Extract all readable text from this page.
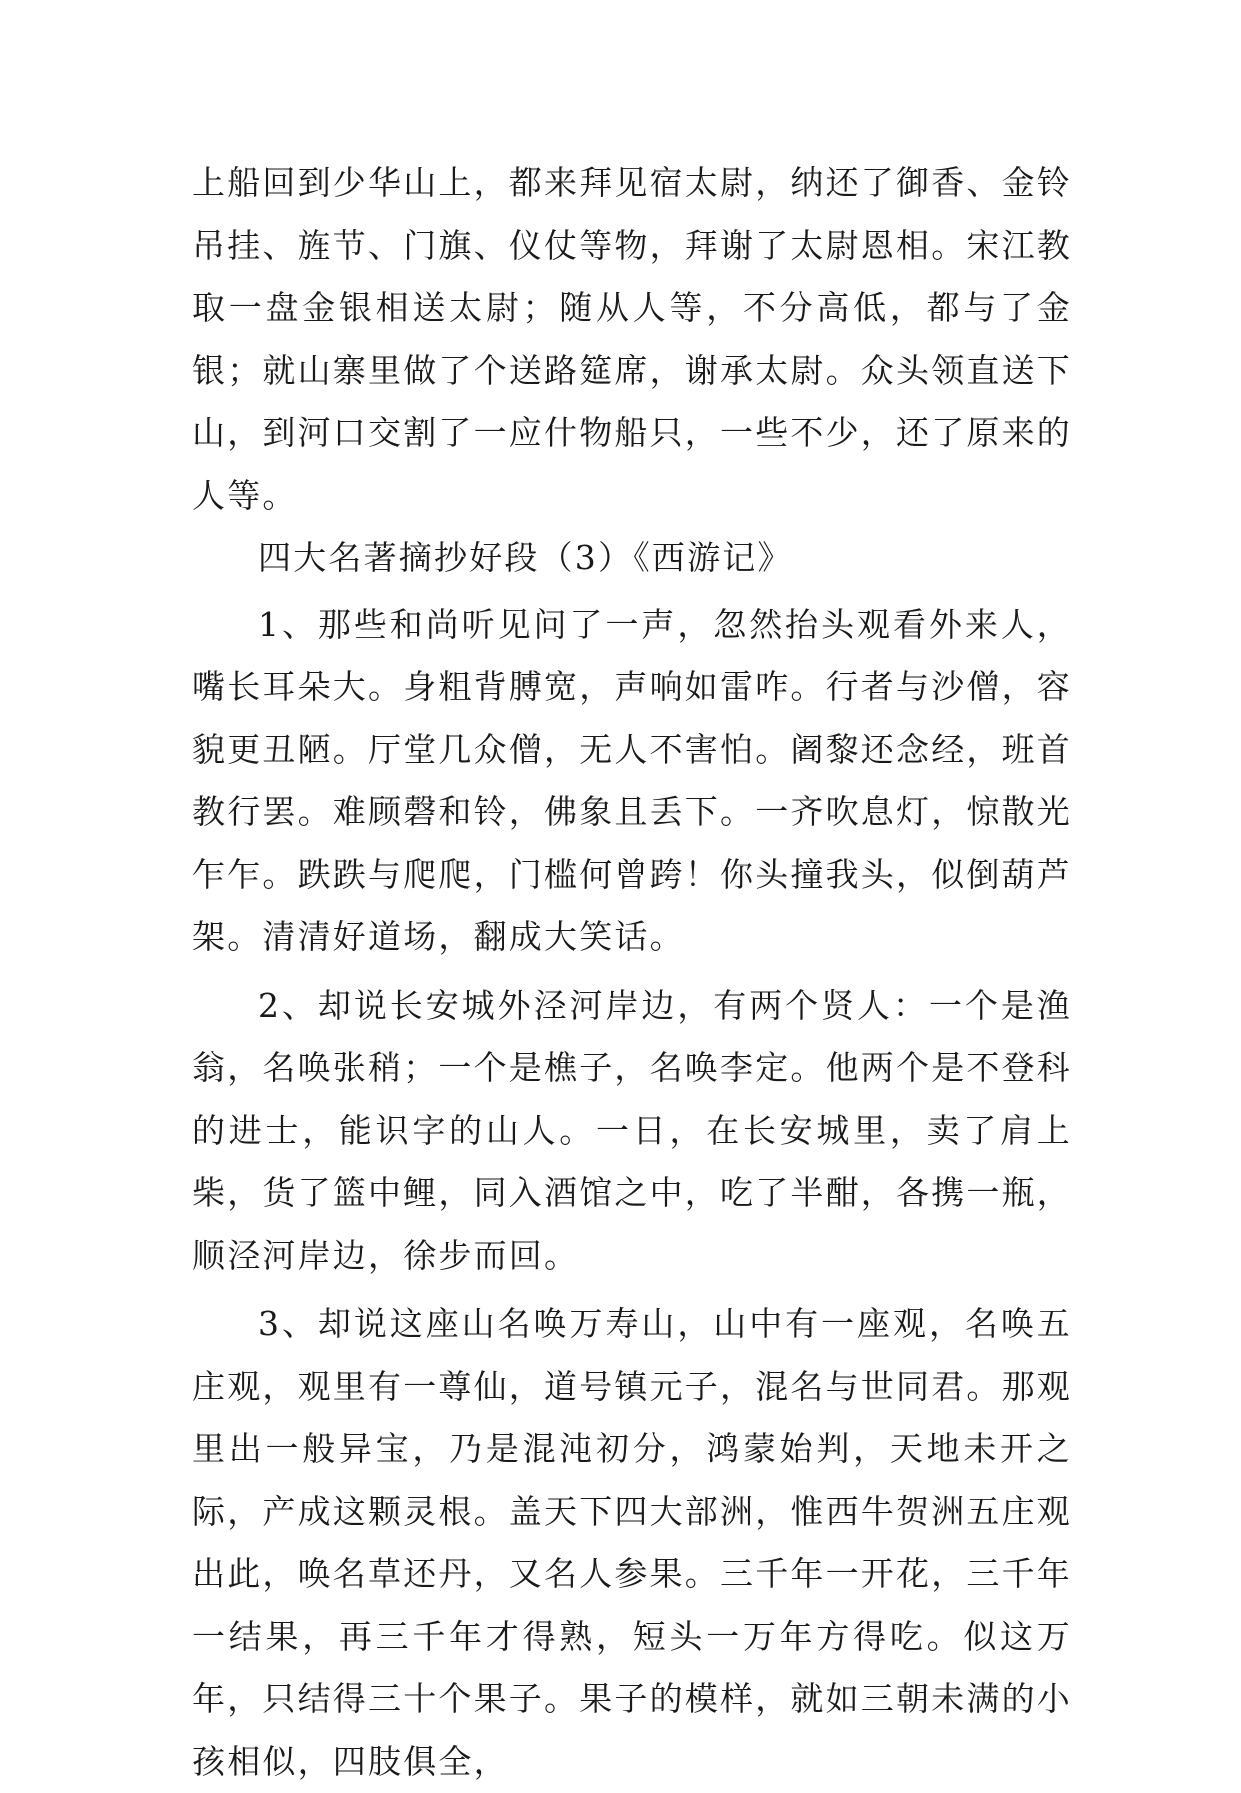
上船回到少华山上，都来拜见宿太尉，纳还了御香、金铃吊挂、旌节、门旗、仪仗等物，拜谢了太尉恩相。宋江教取一盘金银相送太尉；随从人等，不分高低，都与了金银；就山寨里做了个送路筵席，谢承太尉。众头领直送下山，到河口交割了一应什物船只，一些不少，还了原来的人等。

四大名著摘抄好段（3）《西游记》

1、那些和尚听见问了一声，忽然抬头观看外来人，嘴长耳朵大。身粗背膊宽，声响如雷咋。行者与沙僧，容貌更丑陋。厅堂几众僧，无人不害怕。阇黎还念经，班首教行罢。难顾磬和铃，佛象且丢下。一齐吹息灯，惊散光乍乍。跌跌与爬爬，门槛何曾跨！你头撞我头，似倒葫芦架。清清好道场，翻成大笑话。

2、却说长安城外泾河岸边，有两个贤人：一个是渔翁，名唤张稍；一个是樵子，名唤李定。他两个是不登科的进士，能识字的山人。一日，在长安城里，卖了肩上柴，货了篮中鲤，同入酒馆之中，吃了半酣，各携一瓶，顺泾河岸边，徐步而回。

3、却说这座山名唤万寿山，山中有一座观，名唤五庄观，观里有一尊仙，道号镇元子，混名与世同君。那观里出一般异宝，乃是混沌初分，鸿蒙始判，天地未开之际，产成这颗灵根。盖天下四大部洲，惟西牛贺洲五庄观出此，唤名草还丹，又名人参果。三千年一开花，三千年一结果，再三千年才得熟，短头一万年方得吃。似这万年，只结得三十个果子。果子的模样，就如三朝未满的小孩相似，四肢俱全，
